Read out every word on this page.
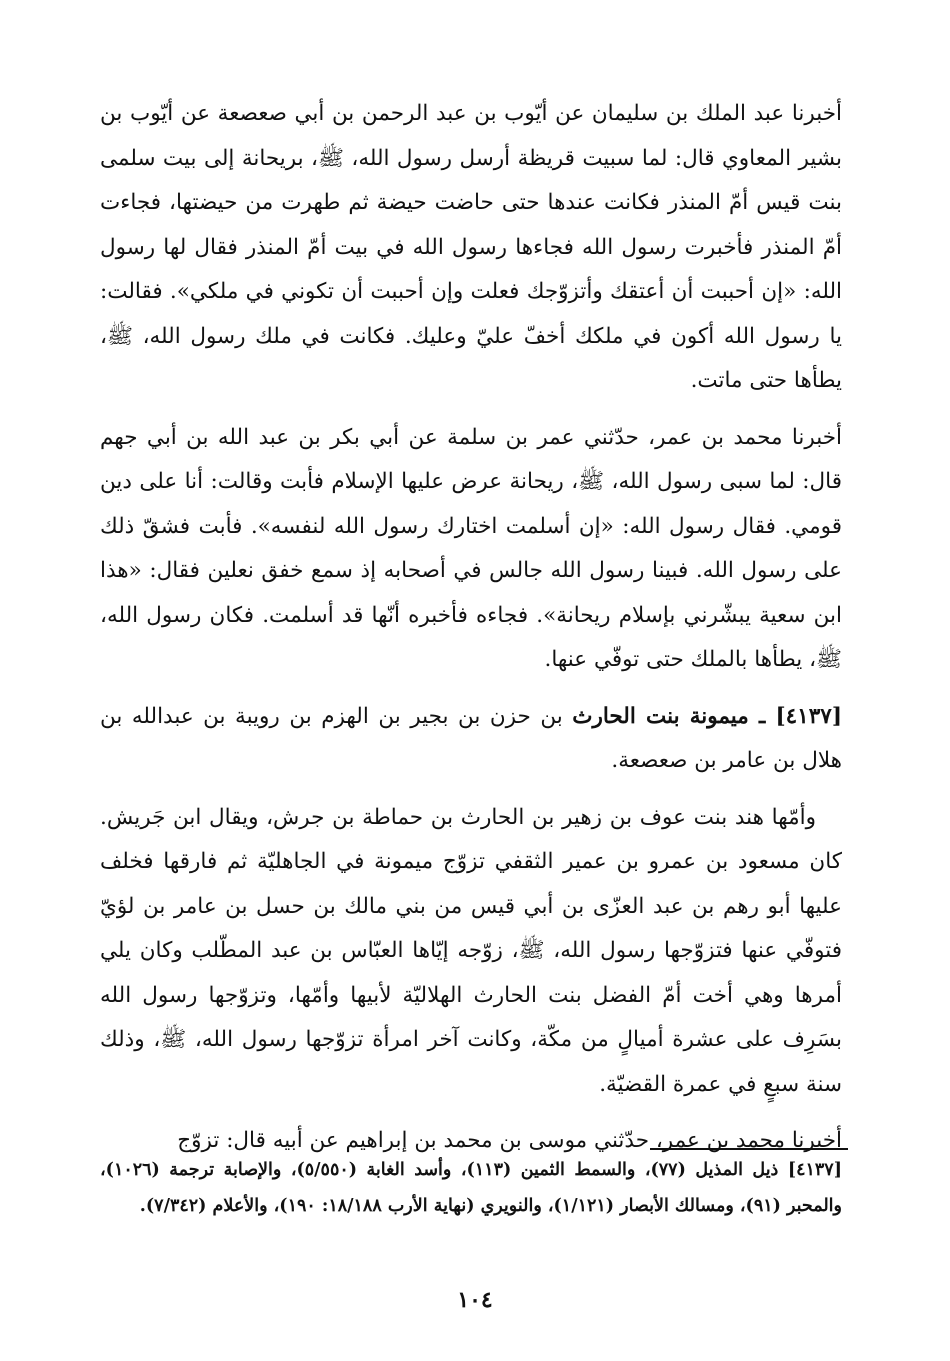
أخبرنا عبد الملك بن سليمان عن أيّوب بن عبد الرحمن بن أبي صعصعة عن أيّوب بن بشير المعاوي قال: لما سبيت قريظة أرسل رسول الله، ﷺ، بريحانة إلى بيت سلمى بنت قيس أمّ المنذر فكانت عندها حتى حاضت حيضة ثم طهرت من حيضتها، فجاءت أمّ المنذر فأخبرت رسول الله فجاءها رسول الله في بيت أمّ المنذر فقال لها رسول الله: «إن أحببت أن أعتقك وأتزوّجك فعلت وإن أحببت أن تكوني في ملكي». فقالت: يا رسول الله أكون في ملكك أخفّ عليّ وعليك. فكانت في ملك رسول الله، ﷺ، يطأها حتى ماتت.

أخبرنا محمد بن عمر، حدّثني عمر بن سلمة عن أبي بكر بن عبد الله بن أبي جهم قال: لما سبى رسول الله، ﷺ، ريحانة عرض عليها الإسلام فأبت وقالت: أنا على دين قومي. فقال رسول الله: «إن أسلمت اختارك رسول الله لنفسه». فأبت فشقّ ذلك على رسول الله. فبينا رسول الله جالس في أصحابه إذ سمع خفق نعلين فقال: «هذا ابن سعية يبشّرني بإسلام ريحانة». فجاءه فأخبره أنّها قد أسلمت. فكان رسول الله، ﷺ، يطأها بالملك حتى توفّي عنها.

[٤١٣٧] ـ ميمونة بنت الحارث بن حزن بن بجير بن الهزم بن رويبة بن عبدالله بن هلال بن عامر بن صعصعة.

وأمّها هند بنت عوف بن زهير بن الحارث بن حماطة بن جرش، ويقال ابن جَريش. كان مسعود بن عمرو بن عمير الثقفي تزوّج ميمونة في الجاهليّة ثم فارقها فخلف عليها أبو رهم بن عبد العزّى بن أبي قيس من بني مالك بن حسل بن عامر بن لؤيّ فتوفّي عنها فتزوّجها رسول الله، ﷺ، زوّجه إيّاها العبّاس بن عبد المطّلب وكان يلي أمرها وهي أخت أمّ الفضل بنت الحارث الهلاليّة لأبيها وأمّها، وتزوّجها رسول الله بسَرِف على عشرة أميالٍ من مكّة، وكانت آخر امرأة تزوّجها رسول الله، ﷺ، وذلك سنة سبعٍ في عمرة القضيّة.

أخبرنا محمد بن عمر، حدّثني موسى بن محمد بن إبراهيم عن أبيه قال: تزوّج

[٤١٣٧] ذيل المذيل (٧٧)، والسمط الثمين (١١٣)، وأسد الغابة (٥/٥٥٠)، والإصابة ترجمة (١٠٢٦)، والمحبر (٩١)، ومسالك الأبصار (١/١٢١)، والنويري (نهاية الأرب ١٨/١٨٨: ١٩٠)، والأعلام (٧/٣٤٢).
١٠٤
